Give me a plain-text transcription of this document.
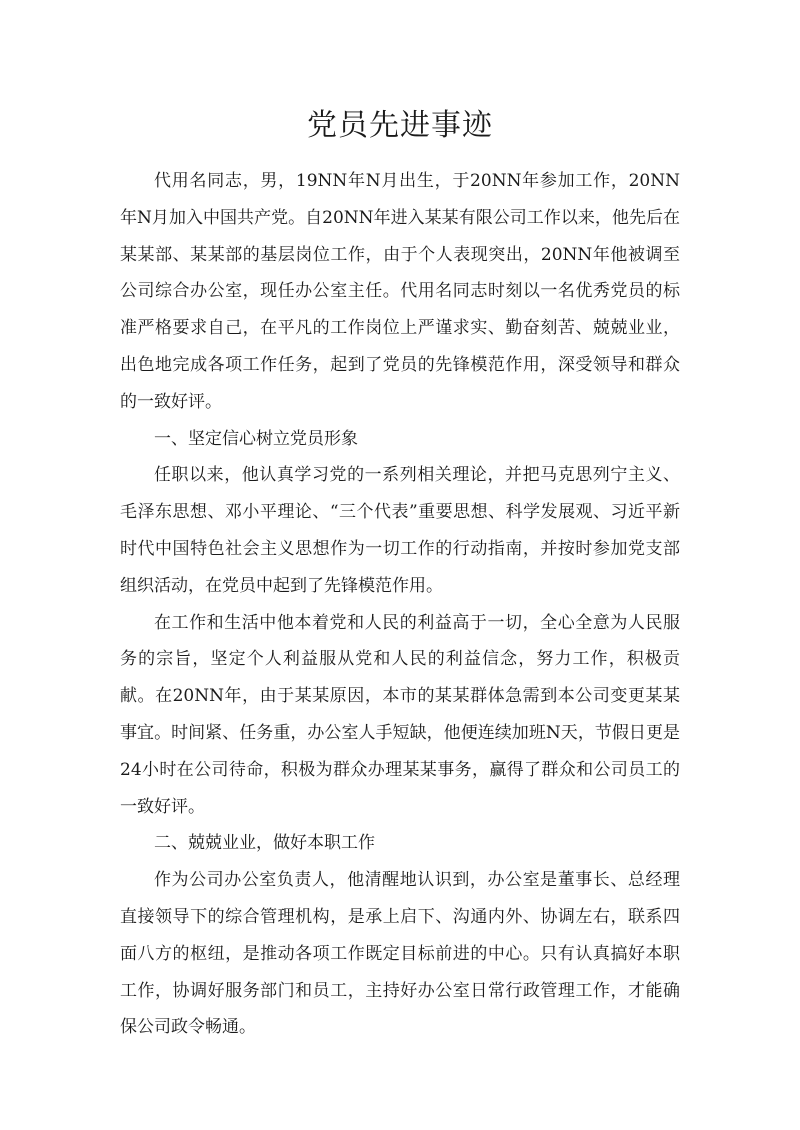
党员先进事迹

代用名同志，男，19NN年N月出生，于20NN年参加工作，20NN年N月加入中国共产党。自20NN年进入某某有限公司工作以来，他先后在某某部、某某部的基层岗位工作，由于个人表现突出，20NN年他被调至公司综合办公室，现任办公室主任。代用名同志时刻以一名优秀党员的标准严格要求自己，在平凡的工作岗位上严谨求实、勤奋刻苦、兢兢业业，出色地完成各项工作任务，起到了党员的先锋模范作用，深受领导和群众的一致好评。

一、坚定信心树立党员形象

任职以来，他认真学习党的一系列相关理论，并把马克思列宁主义、毛泽东思想、邓小平理论、“三个代表”重要思想、科学发展观、习近平新时代中国特色社会主义思想作为一切工作的行动指南，并按时参加党支部组织活动，在党员中起到了先锋模范作用。

在工作和生活中他本着党和人民的利益高于一切，全心全意为人民服务的宗旨，坚定个人利益服从党和人民的利益信念，努力工作，积极贡献。在20NN年，由于某某原因，本市的某某群体急需到本公司变更某某事宜。时间紧、任务重，办公室人手短缺，他便连续加班N天，节假日更是24小时在公司待命，积极为群众办理某某事务，赢得了群众和公司员工的一致好评。

二、兢兢业业，做好本职工作

作为公司办公室负责人，他清醒地认识到，办公室是董事长、总经理直接领导下的综合管理机构，是承上启下、沟通内外、协调左右，联系四面八方的枢纽，是推动各项工作既定目标前进的中心。只有认真搞好本职工作，协调好服务部门和员工，主持好办公室日常行政管理工作，才能确保公司政令畅通。
